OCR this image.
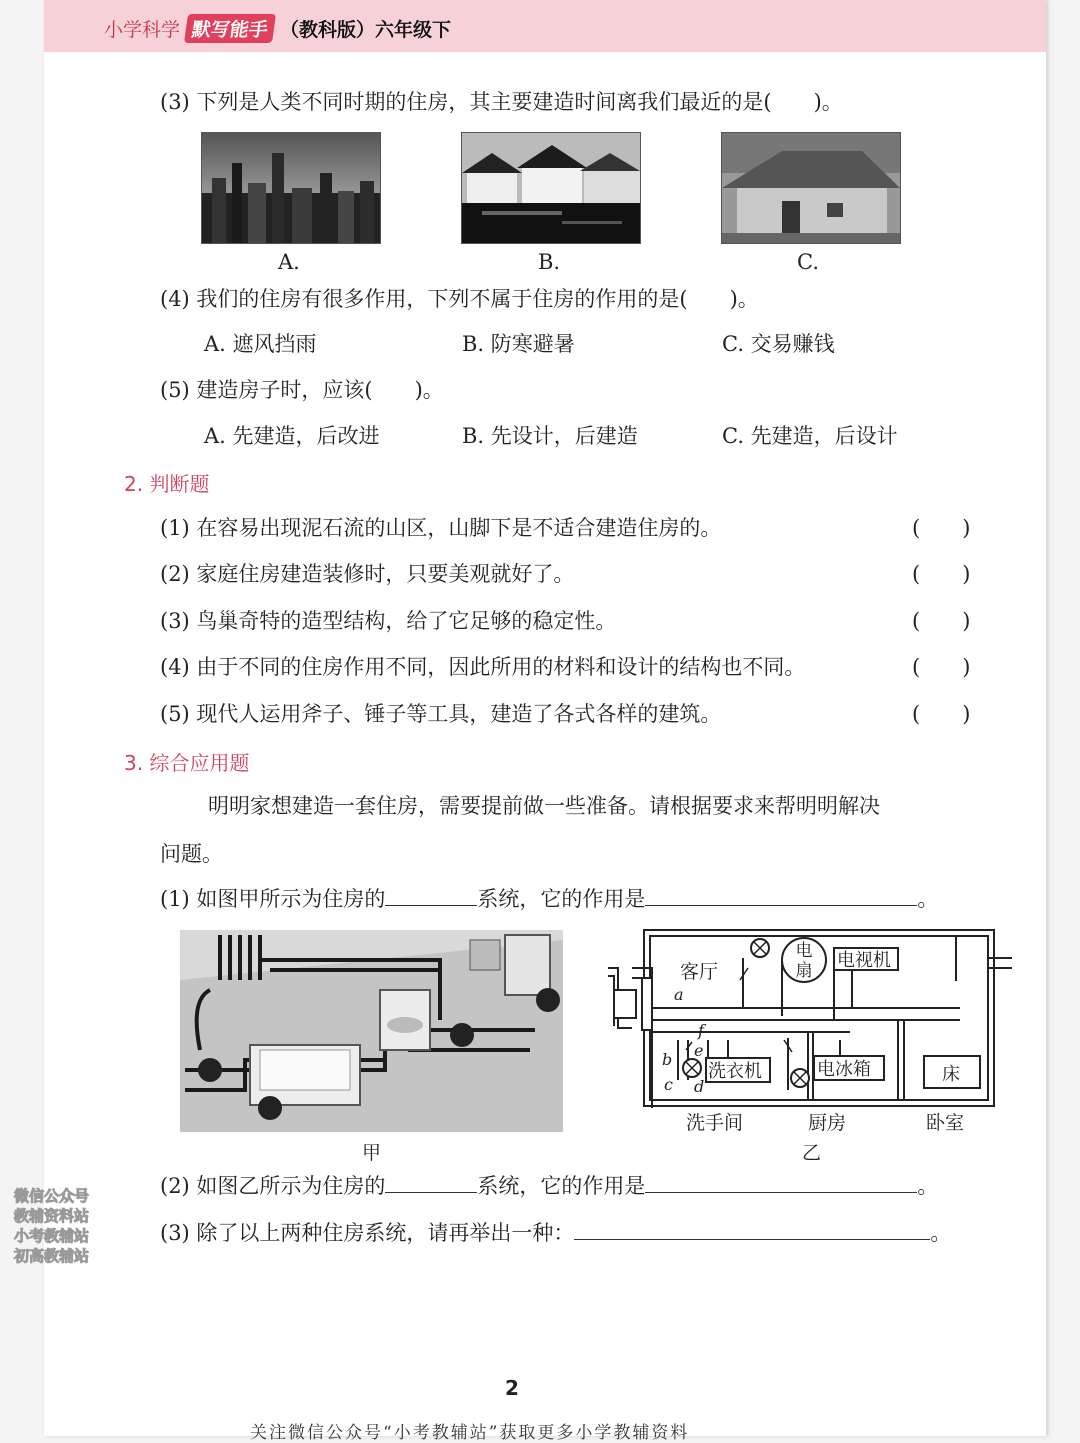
小学科学 默写能手 （教科版）六年级下
(3) 下列是人类不同时期的住房，其主要建造时间离我们最近的是(　　)。
A.	B.	C.
(4) 我们的住房有很多作用，下列不属于住房的作用的是(　　)。
A. 遮风挡雨	B. 防寒避暑	C. 交易赚钱
(5) 建造房子时，应该(　　)。
A. 先建造，后改进	B. 先设计，后建造	C. 先建造，后设计
2. 判断题
(1) 在容易出现泥石流的山区，山脚下是不适合建造住房的。	(　　)
(2) 家庭住房建造装修时，只要美观就好了。	(　　)
(3) 鸟巢奇特的造型结构，给了它足够的稳定性。	(　　)
(4) 由于不同的住房作用不同，因此所用的材料和设计的结构也不同。	(　　)
(5) 现代人运用斧子、锤子等工具，建造了各式各样的建筑。	(　　)
3. 综合应用题
明明家想建造一套住房，需要提前做一些准备。请根据要求来帮明明解决
问题。
(1) 如图甲所示为住房的	系统，它的作用是	。
甲
客厅
电
扇 电视机
洗衣机	电冰箱	床
a
b
c d
e
f
洗手间	厨房	卧室
乙
(2) 如图乙所示为住房的	系统，它的作用是	。
(3) 除了以上两种住房系统，请再举出一种：	。
微信公众号
教辅资料站
小考教辅站
初高教辅站
2
关注微信公众号“小考教辅站”获取更多小学教辅资料
